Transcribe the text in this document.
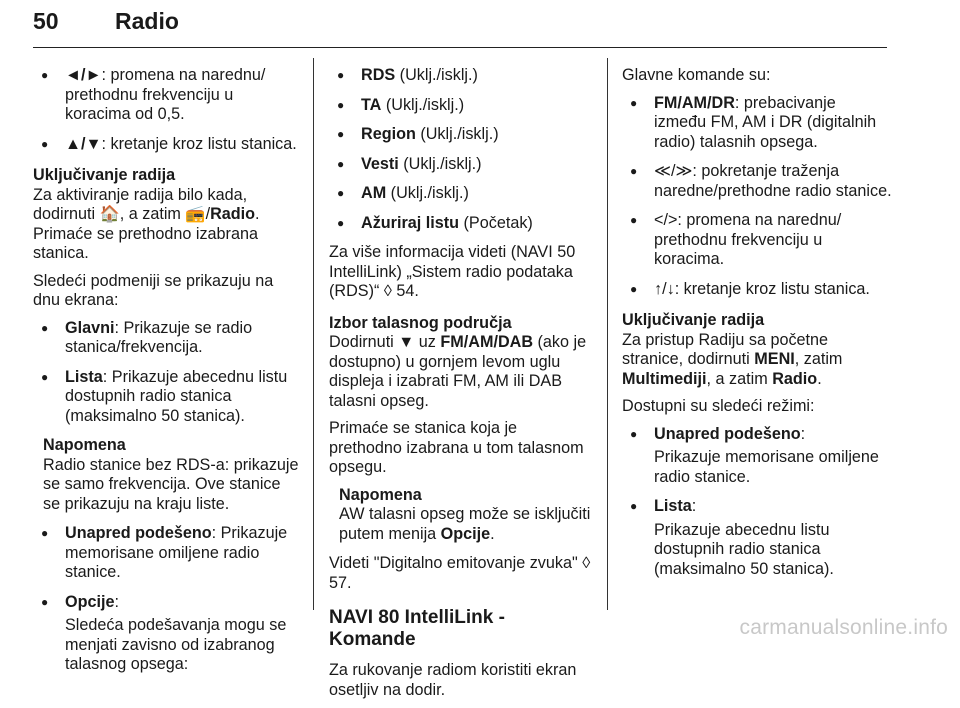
50 Radio
● ◄/►: promena na narednu/ prethodnu frekvenciju u koracima od 0,5.
● ▲/▼: kretanje kroz listu stanica.
Uključivanje radija

Za aktiviranje radija bilo kada, dodirnuti 🏠, a zatim 📻/Radio.
Primaće se prethodno izabrana stanica.

Sledeći podmeniji se prikazuju na dnu ekrana:

● Glavni: Prikazuje se radio stanica/frekvencija.
● Lista: Prikazuje abecednu listu dostupnih radio stanica (maksimalno 50 stanica).
Napomena
Radio stanice bez RDS-a: prikazuje se samo frekvencija. Ove stanice se prikazuju na kraju liste.
● Unapred podešeno: Prikazuje memorisane omiljene radio stanice.
● Opcije:
Sledeća podešavanja mogu se menjati zavisno od izabranog talasnog opsega:
● RDS (Uklj./isklj.)
● TA (Uklj./isklj.)
● Region (Uklj./isklj.)
● Vesti (Uklj./isklj.)
● AM (Uklj./isklj.)
● Ažuriraj listu (Početak)

Za više informacija videti (NAVI 50 IntelliLink) „Sistem radio podataka (RDS)“ ◊ 54.

Izbor talasnog područja

Dodirnuti ▼ uz FM/AM/DAB (ako je dostupno) u gornjem levom uglu displeja i izabrati FM, AM ili DAB talasni opseg.

Primaće se stanica koja je prethodno izabrana u tom talasnom opsegu.

Napomena
AW talasni opseg može se isključiti putem menija Opcije.

Videti "Digitalno emitovanje zvuka" ◊ 57.

NAVI 80 IntelliLink - Komande

Za rukovanje radiom koristiti ekran osetljiv na dodir.

Glavne komande su:

● FM/AM/DR: prebacivanje između FM, AM i DR (digitalnih radio) talasnih opsega.
● ≪/≫: pokretanje traženja naredne/prethodne radio stanice.
● </>: promena na narednu/ prethodnu frekvenciju u koracima.
● ↑/↓: kretanje kroz listu stanica.
Uključivanje radija

Za pristup Radiju sa početne stranice, dodirnuti MENI, zatim Multimediji, a zatim Radio.

Dostupni su sledeći režimi:

● Unapred podešeno:
Prikazuje memorisane omiljene radio stanice.
● Lista:
Prikazuje abecednu listu dostupnih radio stanica (maksimalno 50 stanica).
carmanualsonline.info
